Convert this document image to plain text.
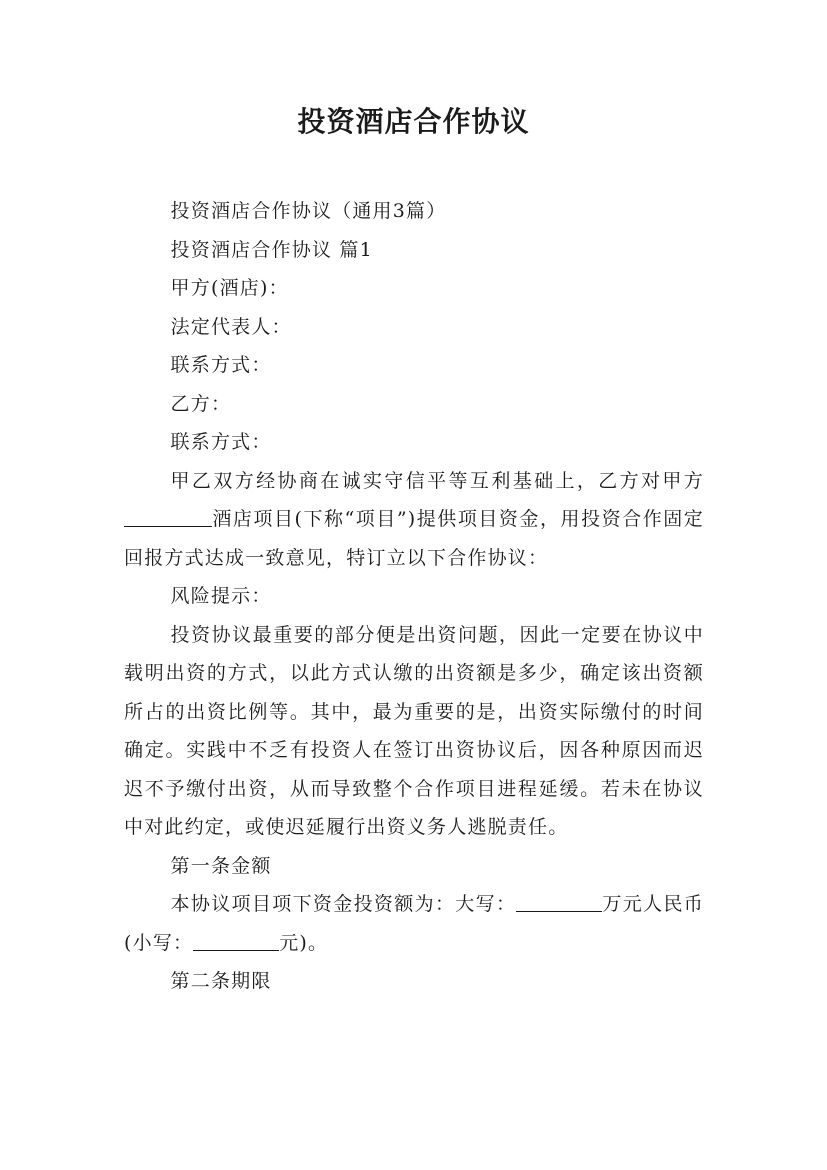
投资酒店合作协议

投资酒店合作协议（通用3篇）

投资酒店合作协议 篇1

甲方(酒店)：

法定代表人：

联系方式：

乙方：

联系方式：

甲乙双方经协商在诚实守信平等互利基础上，乙方对甲方酒店项目(下称“项目”)提供项目资金，用投资合作固定回报方式达成一致意见，特订立以下合作协议：

风险提示：

投资协议最重要的部分便是出资问题，因此一定要在协议中载明出资的方式，以此方式认缴的出资额是多少，确定该出资额所占的出资比例等。其中，最为重要的是，出资实际缴付的时间确定。实践中不乏有投资人在签订出资协议后，因各种原因而迟迟不予缴付出资，从而导致整个合作项目进程延缓。若未在协议中对此约定，或使迟延履行出资义务人逃脱责任。

第一条金额

本协议项目项下资金投资额为：大写：	万元人民币(小写：	元)。

第二条期限
